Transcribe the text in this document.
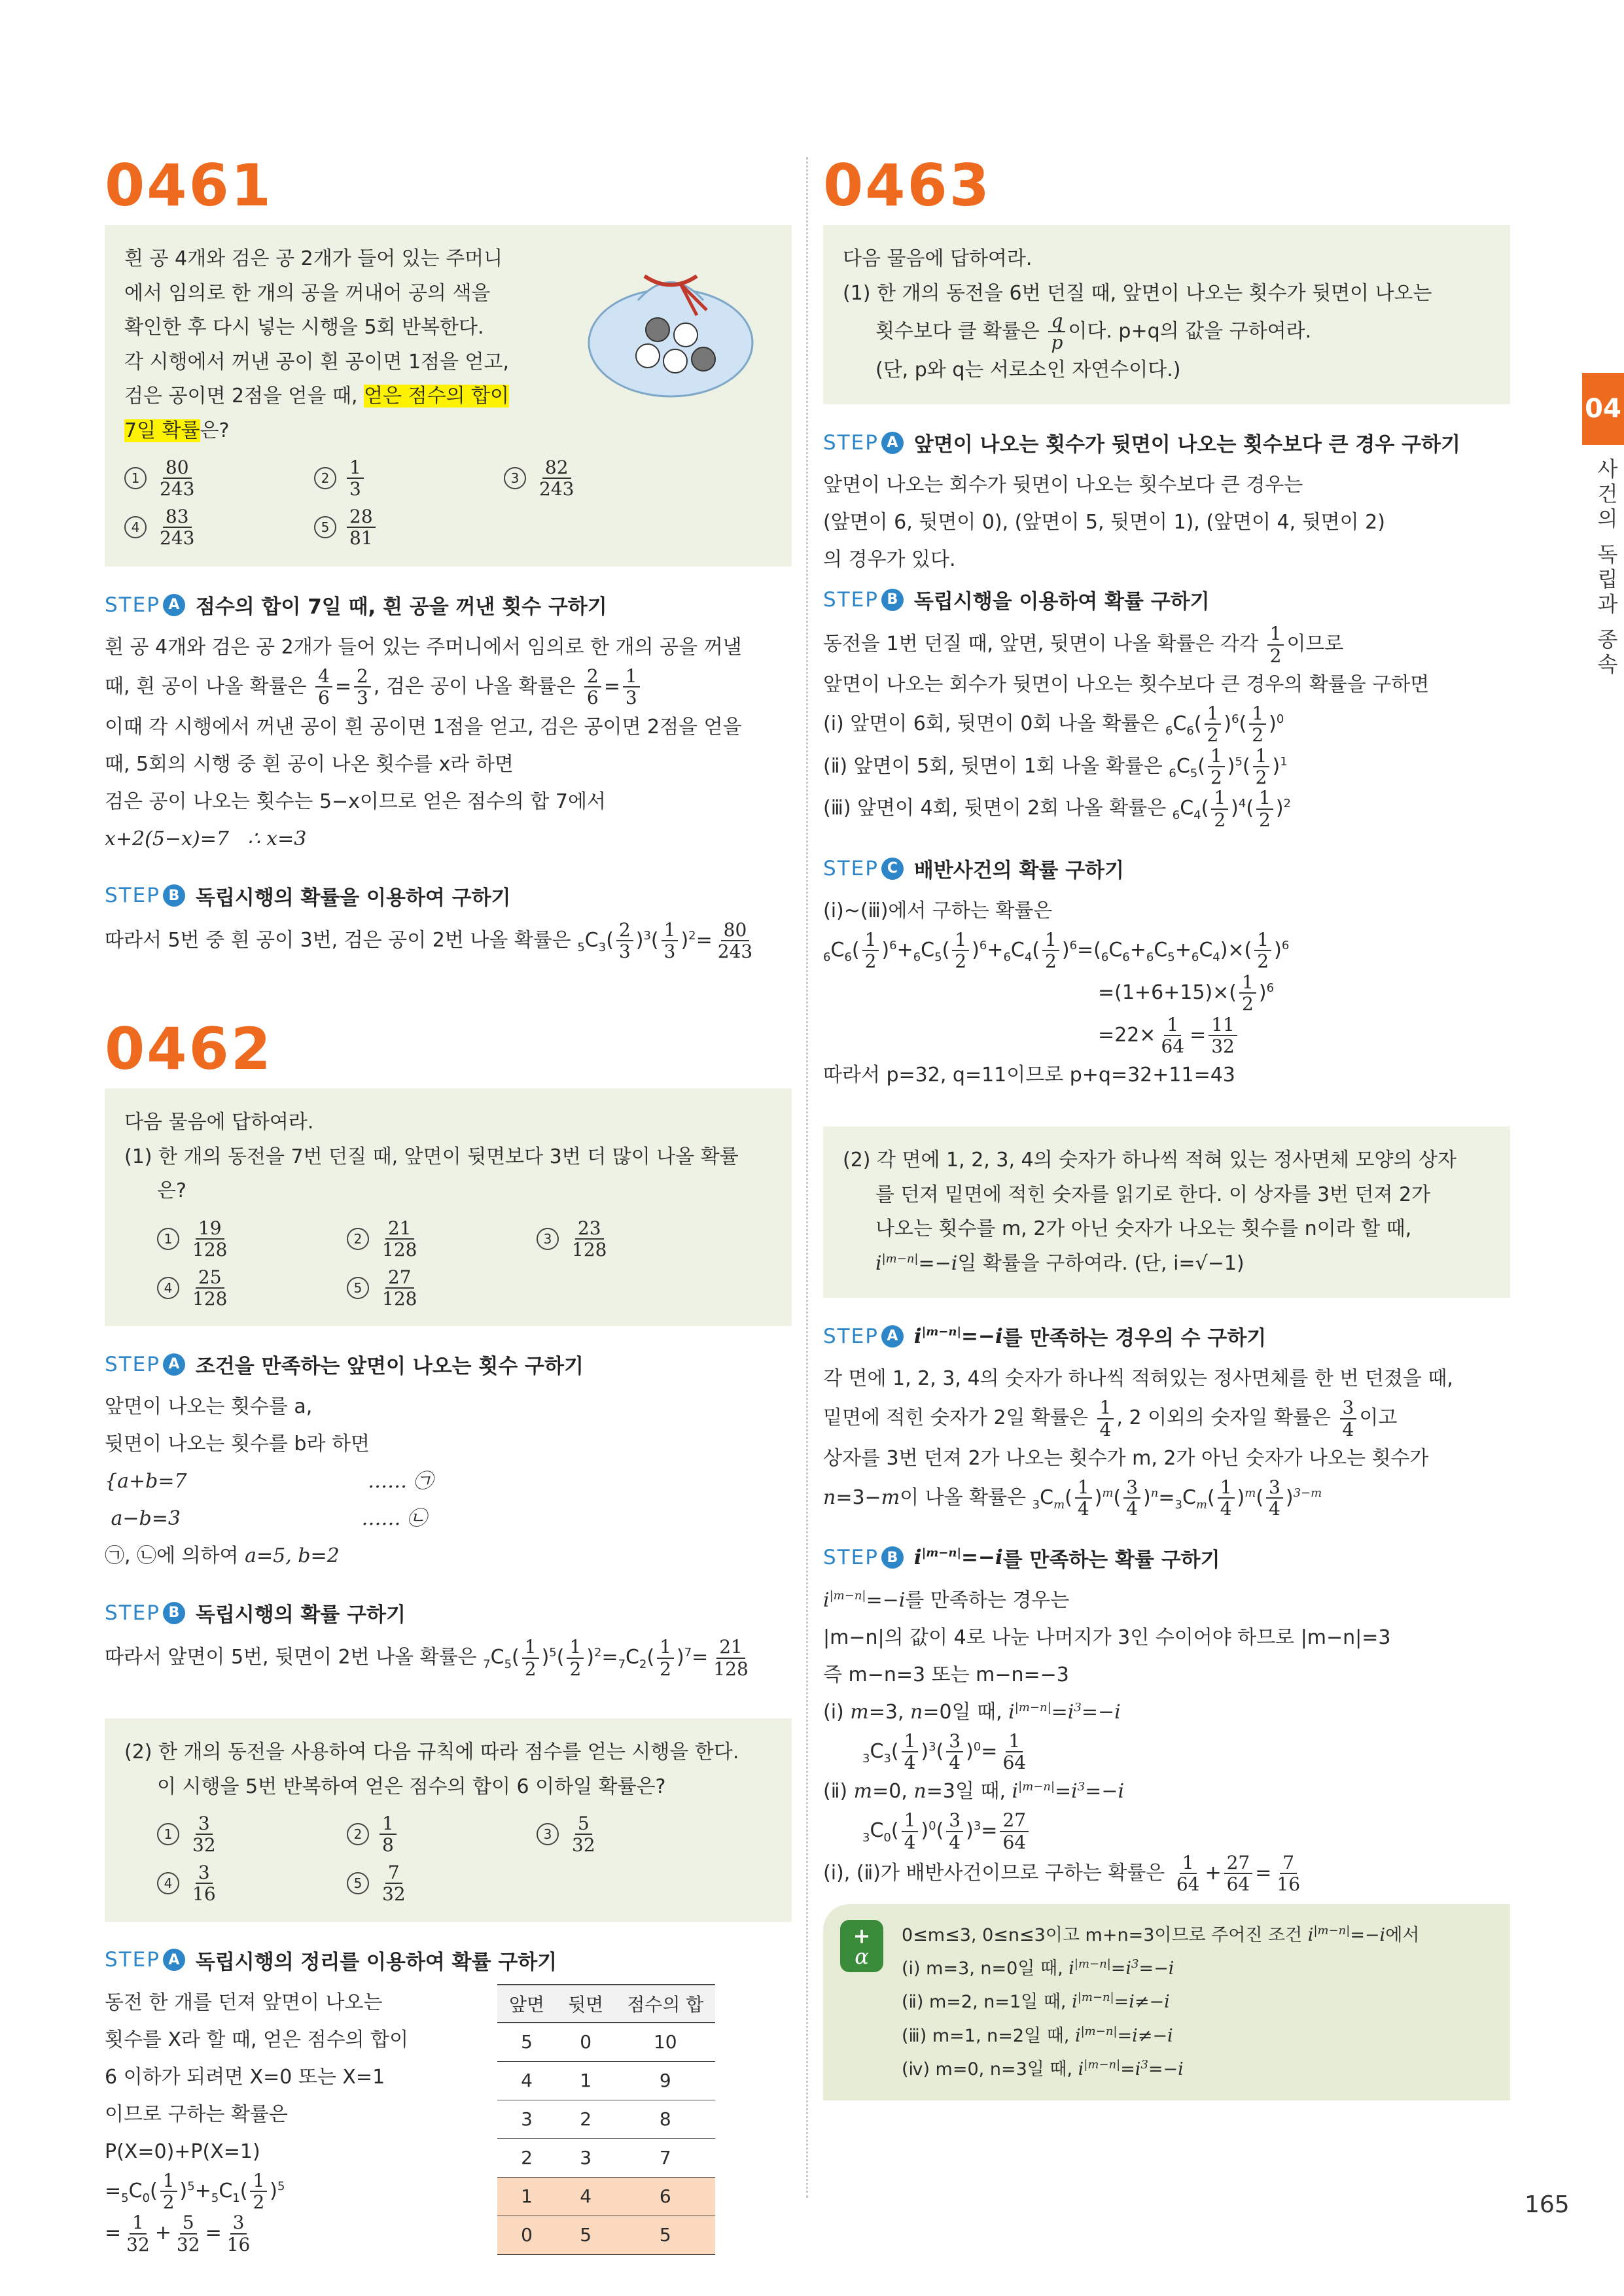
04
사건의 독립과 종속
165
0461

흰 공 4개와 검은 공 2개가 들어 있는 주머니

에서 임의로 한 개의 공을 꺼내어 공의 색을

확인한 후 다시 넣는 시행을 5회 반복한다.

각 시행에서 꺼낸 공이 흰 공이면 1점을 얻고,

검은 공이면 2점을 얻을 때, 얻은 점수의 합이

7일 확률은?

$1 \frac{80}{243}$	$2 \frac{1}{3}$	$3 \frac{82}{243}$
$4 \frac{83}{243}$	$5 \frac{28}{81}$
STEP A 점수의 합이 7일 때, 흰 공을 꺼낸 횟수 구하기

흰 공 4개와 검은 공 2개가 들어 있는 주머니에서 임의로 한 개의 공을 꺼낼

때, 흰 공이 나올 확률은 $\frac{4}{6} = \frac{2}{3}$ , 검은 공이 나올 확률은 $\frac{2}{6} = \frac{1}{3}$

이때 각 시행에서 꺼낸 공이 흰 공이면 1점을 얻고, 검은 공이면 2점을 얻을

때, 5회의 시행 중 흰 공이 나온 횟수를 x라 하면

검은 공이 나오는 횟수는 5−x이므로 얻은 점수의 합 7에서

x+2(5−x)=7   ∴ x=3

STEP B 독립시행의 확률을 이용하여 구하기

따라서 5번 중 흰 공이 3번, 검은 공이 2번 나올 확률은 $_5C_3( \frac{2}{3} )^3( \frac{1}{3} )^2= \frac{80}{243}$

0462

다음 물음에 답하여라.

(1) 한 개의 동전을 7번 던질 때, 앞면이 뒷면보다 3번 더 많이 나올 확률

은?

$1 \frac{19}{128}$	$2 \frac{21}{128}$	$3 \frac{23}{128}$
$4 \frac{25}{128}$	$5 \frac{27}{128}$
STEP A 조건을 만족하는 앞면이 나오는 횟수 구하기

앞면이 나오는 횟수를 a,

뒷면이 나오는 횟수를 b라 하면

{a+b=7                             …… ㉠

a−b=3                             …… ㉡

㉠, ㉡에 의하여 a=5, b=2

STEP B 독립시행의 확률 구하기

따라서 앞면이 5번, 뒷면이 2번 나올 확률은 $_7C_5( \frac{1}{2} )^5( \frac{1}{2} )^2=_7C_2( \frac{1}{2} )^7= \frac{21}{128}$

(2) 한 개의 동전을 사용하여 다음 규칙에 따라 점수를 얻는 시행을 한다.

이 시행을 5번 반복하여 얻은 점수의 합이 6 이하일 확률은?

$1 \frac{3}{32}$	$2 \frac{1}{8}$	$3 \frac{5}{32}$
$4 \frac{3}{16}$	$5 \frac{7}{32}$
STEP A 독립시행의 정리를 이용하여 확률 구하기

동전 한 개를 던져 앞면이 나오는

횟수를 X라 할 때, 얻은 점수의 합이

6 이하가 되려면 X=0 또는 X=1

이므로 구하는 확률은

P(X=0)+P(X=1)

$=_5C_0( \frac{1}{2} )^5+_5C_1( \frac{1}{2} )^5$

= $\frac{1}{32} + \frac{5}{32} = \frac{3}{16}$

앞면	뒷면	점수의 합
5	0	10
4	1	9
3	2	8
2	3	7
1	4	6
0	5	5
0463

다음 물음에 답하여라.

(1) 한 개의 동전을 6번 던질 때, 앞면이 나오는 횟수가 뒷면이 나오는

횟수보다 클 확률은 $\frac{q}{p}$ 이다. p+q의 값을 구하여라.

(단, p와 q는 서로소인 자연수이다.)

STEP A 앞면이 나오는 횟수가 뒷면이 나오는 횟수보다 큰 경우 구하기

앞면이 나오는 회수가 뒷면이 나오는 횟수보다 큰 경우는

(앞면이 6, 뒷면이 0), (앞면이 5, 뒷면이 1), (앞면이 4, 뒷면이 2)

의 경우가 있다.

STEP B 독립시행을 이용하여 확률 구하기

동전을 1번 던질 때, 앞면, 뒷면이 나올 확률은 각각 $\frac{1}{2}$ 이므로

앞면이 나오는 회수가 뒷면이 나오는 횟수보다 큰 경우의 확률을 구하면

(ⅰ) 앞면이 6회, 뒷면이 0회 나올 확률은 $_6C_6( \frac{1}{2} )^6( \frac{1}{2} )^0$

(ⅱ) 앞면이 5회, 뒷면이 1회 나올 확률은 $_6C_5( \frac{1}{2} )^5( \frac{1}{2} )^1$

(ⅲ) 앞면이 4회, 뒷면이 2회 나올 확률은 $_6C_4( \frac{1}{2} )^4( \frac{1}{2} )^2$

STEP C 배반사건의 확률 구하기

(ⅰ)~(ⅲ)에서 구하는 확률은

$_6C_6( \frac{1}{2} )^6+_6C_5( \frac{1}{2} )^6+_6C_4( \frac{1}{2} )^6=(_6C_6+_6C_5+_6C_4)\times( \frac{1}{2} )^6$

$=(1+6+15)\times( \frac{1}{2} )^6$

$=22\times \frac{1}{64} = \frac{11}{32}$

따라서 p=32, q=11이므로 p+q=32+11=43

(2) 각 면에 1, 2, 3, 4의 숫자가 하나씩 적혀 있는 정사면체 모양의 상자

를 던져 밑면에 적힌 숫자를 읽기로 한다. 이 상자를 3번 던져 2가

나오는 횟수를 m, 2가 아닌 숫자가 나오는 횟수를 n이라 할 때,

$i^{|m-n|}=-i$일 확률을 구하여라. (단, i=√−1)

STEP A $i^{|m-n|}=-i$ 를 만족하는 경우의 수 구하기

각 면에 1, 2, 3, 4의 숫자가 하나씩 적혀있는 정사면체를 한 번 던졌을 때,

밑면에 적힌 숫자가 2일 확률은 $\frac{1}{4}$ , 2 이외의 숫자일 확률은 $\frac{3}{4}$ 이고

상자를 3번 던져 2가 나오는 횟수가 m, 2가 아닌 숫자가 나오는 횟수가

n=3−m이 나올 확률은 $_3C_m( \frac{1}{4} )^m( \frac{3}{4} )^n=_3C_m( \frac{1}{4} )^m( \frac{3}{4} )^{3-m}$

STEP B $i^{|m-n|}=-i$ 를 만족하는 확률 구하기

$i^{|m-n|}=-i$를 만족하는 경우는

|m−n|의 값이 4로 나눈 나머지가 3인 수이어야 하므로 |m−n|=3

즉 m−n=3 또는 m−n=−3

(ⅰ) m=3, n=0일 때, $i^{|m-n|}=i^3=-i$

$_3C_3( \frac{1}{4} )^3( \frac{3}{4} )^0= \frac{1}{64}$

(ⅱ) m=0, n=3일 때, $i^{|m-n|}=i^3=-i$

$_3C_0( \frac{1}{4} )^0( \frac{3}{4} )^3= \frac{27}{64}$

(ⅰ), (ⅱ)가 배반사건이므로 구하는 확률은 $\frac{1}{64} + \frac{27}{64} = \frac{7}{16}$

+
α
0≤m≤3, 0≤n≤3이고 m+n=3이므로 주어진 조건 $i^{|m-n|}=-i$에서
(ⅰ) m=3, n=0일 때, $i^{|m-n|}=i^3=-i$
(ⅱ) m=2, n=1일 때, $i^{|m-n|}=i\ne-i$
(ⅲ) m=1, n=2일 때, $i^{|m-n|}=i\ne-i$
(ⅳ) m=0, n=3일 때, $i^{|m-n|}=i^3=-i$
